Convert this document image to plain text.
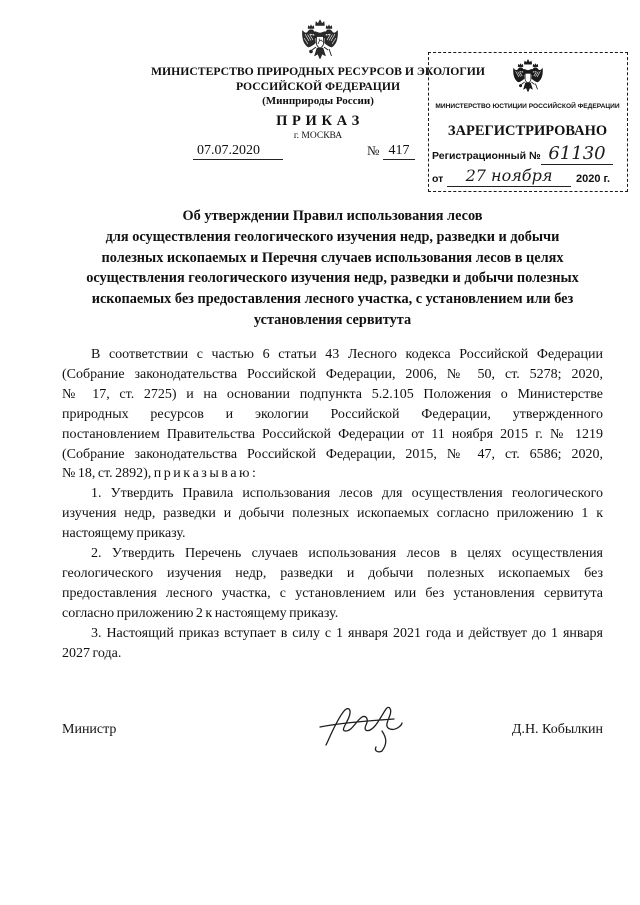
МИНИСТЕРСТВО ПРИРОДНЫХ РЕСУРСОВ И ЭКОЛОГИИ
РОССИЙСКОЙ ФЕДЕРАЦИИ
(Минприроды России)
П Р И К А З
г. МОСКВА
07.07.2020	№ 417
МИНИСТЕРСТВО ЮСТИЦИИ РОССИЙСКОЙ ФЕДЕРАЦИИ
ЗАРЕГИСТРИРОВАНО
Регистрационный № 61130
от	27 ноября	2020 г.
Об утверждении Правил использования лесов
для осуществления геологического изучения недр, разведки и добычи
полезных ископаемых и Перечня случаев использования лесов в целях
осуществления геологического изучения недр, разведки и добычи полезных
ископаемых без предоставления лесного участка, с установлением или без
установления сервитута
В соответствии с частью 6 статьи 43 Лесного кодекса Российской Федерации
(Собрание законодательства Российской Федерации, 2006, № 50, ст. 5278; 2020,
№ 17, ст. 2725) и на основании подпункта 5.2.105 Положения о Министерстве
природных ресурсов и экологии Российской Федерации, утвержденного
постановлением Правительства Российской Федерации от 11 ноября 2015 г. № 1219
(Собрание законодательства Российской Федерации, 2015, № 47, ст. 6586; 2020,
№ 18, ст. 2892), п р и к а з ы в а ю :
1. Утвердить Правила использования лесов для осуществления геологического
изучения недр, разведки и добычи полезных ископаемых согласно приложению 1 к
настоящему приказу.
2. Утвердить Перечень случаев использования лесов в целях осуществления
геологического изучения недр, разведки и добычи полезных ископаемых без
предоставления лесного участка, с установлением или без установления сервитута
согласно приложению 2 к настоящему приказу.
3. Настоящий приказ вступает в силу с 1 января 2021 года и действует до 1 января
2027 года.
Министр	Д.Н. Кобылкин
